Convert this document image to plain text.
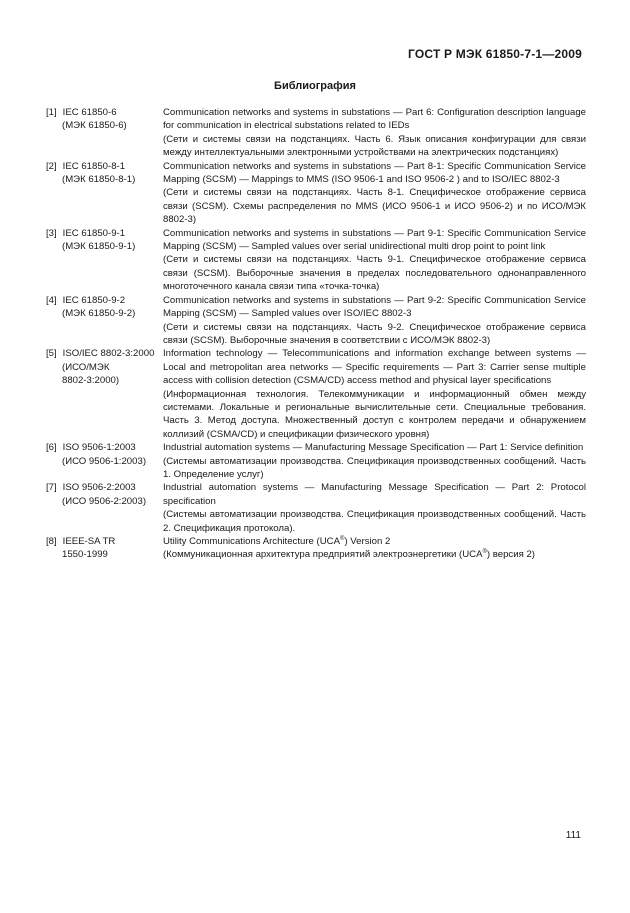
ГОСТ Р МЭК 61850-7-1—2009
Библиография
[1] IEC 61850-6
(МЭК 61850-6)

Communication networks and systems in substations — Part 6: Configuration description language for communication in electrical substations related to IEDs

(Сети и системы связи на подстанциях. Часть 6. Язык описания конфигурации для связи между интеллектуальными электронными устройствами на электрических подстанциях)

[2] IEC 61850-8-1
(МЭК 61850-8-1)

Communication networks and systems in substations — Part 8-1: Specific Communication Service Mapping (SCSM) — Mappings to MMS (ISO 9506-1 and ISO 9506-2 ) and to ISO/IEC 8802-3

(Сети и системы связи на подстанциях. Часть 8-1. Специфическое отображение сервиса связи (SCSM). Схемы распределения по MMS (ИСО 9506-1 и ИСО 9506-2) и по ИСО/МЭК 8802-3)

[3] IEC 61850-9-1
(МЭК 61850-9-1)

Communication networks and systems in substations — Part 9-1: Specific Communication Service Mapping (SCSM) — Sampled values over serial unidirectional multi drop point to point link

(Сети и системы связи на подстанциях. Часть 9-1. Специфическое отображение сервиса связи (SCSM). Выборочные значения в пределах последовательного однонаправленного многоточечного канала связи типа «точка-точка)

[4] IEC 61850-9-2
(МЭК 61850-9-2)

Communication networks and systems in substations — Part 9-2: Specific Communication Service Mapping (SCSM) — Sampled values over ISO/IEC 8802-3

(Сети и системы связи на подстанциях. Часть 9-2. Специфическое отображение сервиса связи (SCSM). Выборочные значения в соответствии с ИСО/МЭК 8802-3)

[5] ISO/IEC 8802-3:2000
(ИСО/МЭК
8802-3:2000)

Information technology — Telecommunications and information exchange between systems — Local and metropolitan area networks — Specific requirements — Part 3: Carrier sense multiple access with collision detection (CSMA/CD) access method and physical layer specifications

(Информационная технология. Телекоммуникации и информационный обмен между системами. Локальные и региональные вычислительные сети. Специальные требования. Часть 3. Метод доступа. Множественный доступ с контролем передачи и обнаружением коллизий (CSMA/CD) и спецификации физического уровня)

[6] ISO 9506-1:2003
(ИСО 9506-1:2003)

Industrial automation systems — Manufacturing Message Specification — Part 1: Service definition

(Системы автоматизации производства. Спецификация производственных сообщений. Часть 1. Определение услуг)

[7] ISO 9506-2:2003
(ИСО 9506-2:2003)

Industrial automation systems — Manufacturing Message Specification — Part 2: Protocol specification

(Системы автоматизации производства. Спецификация производственных сообщений. Часть 2. Спецификация протокола).

[8] IEEE-SA TR
1550-1999

Utility Communications Architecture (UCA®) Version 2

(Коммуникационная архитектура предприятий электроэнергетики (UCA®) версия 2)

111
